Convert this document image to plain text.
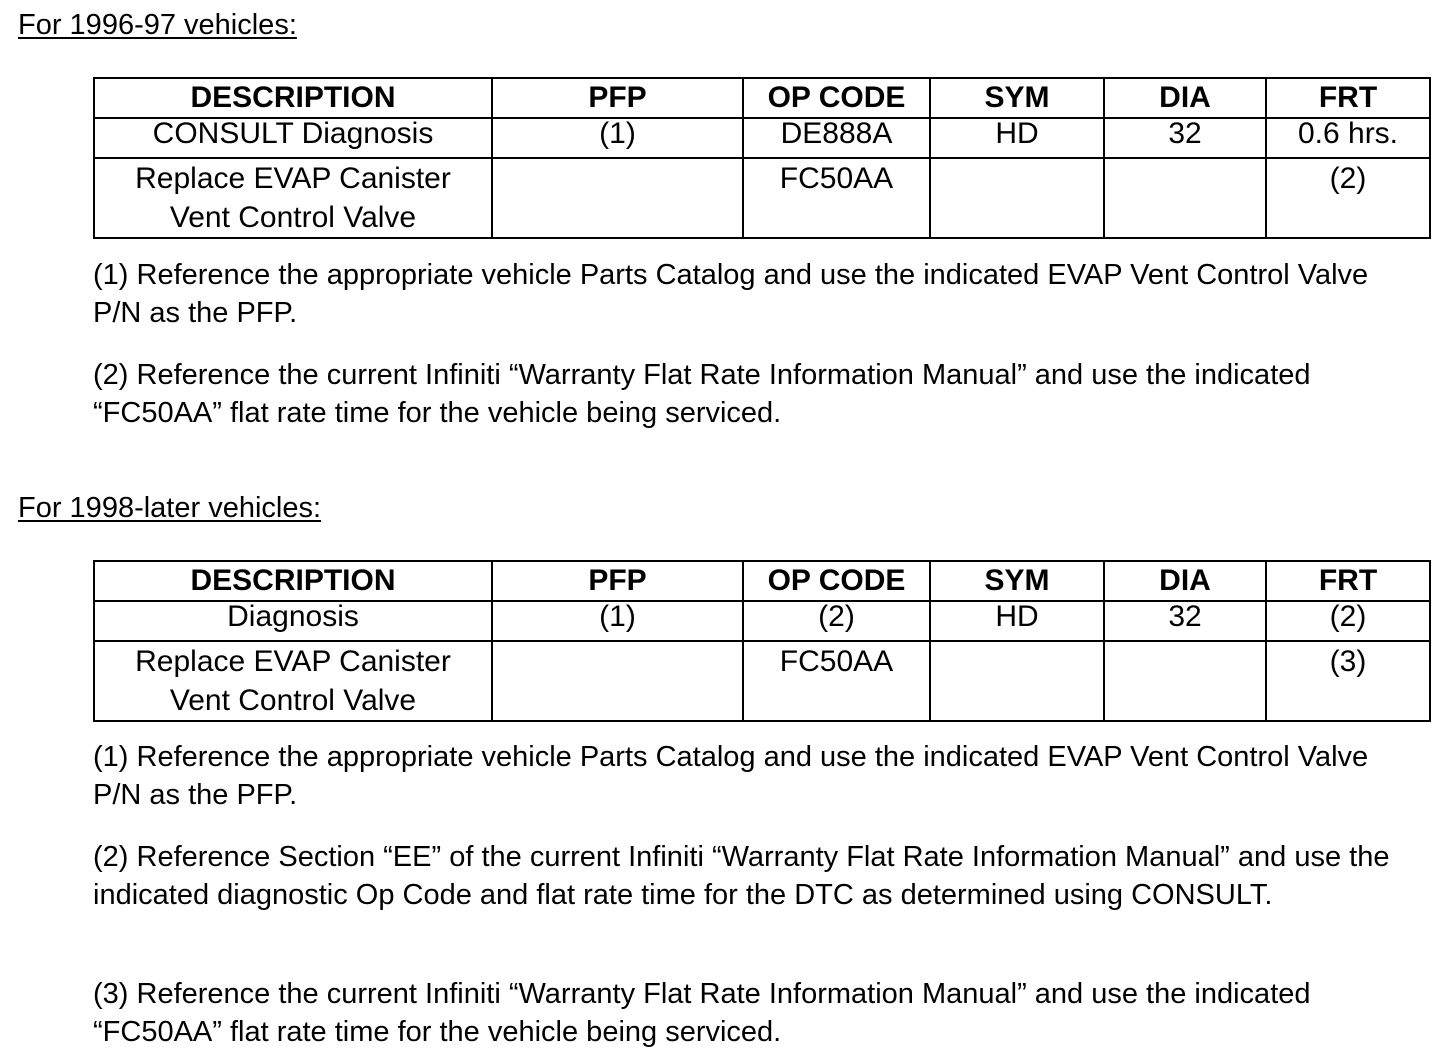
For 1996-97 vehicles:
DESCRIPTION	PFP	OP CODE	SYM	DIA	FRT
CONSULT Diagnosis	(1)	DE888A	HD	32	0.6 hrs.
Replace EVAP Canister
Vent Control Valve		FC50AA			(2)
(1) Reference the appropriate vehicle Parts Catalog and use the indicated EVAP Vent Control Valve P/N as the PFP.
(2) Reference the current Infiniti “Warranty Flat Rate Information Manual” and use the indicated “FC50AA” flat rate time for the vehicle being serviced.
For 1998-later vehicles:
DESCRIPTION	PFP	OP CODE	SYM	DIA	FRT
Diagnosis	(1)	(2)	HD	32	(2)
Replace EVAP Canister
Vent Control Valve		FC50AA			(3)
(1) Reference the appropriate vehicle Parts Catalog and use the indicated EVAP Vent Control Valve P/N as the PFP.
(2) Reference Section “EE” of the current Infiniti “Warranty Flat Rate Information Manual” and use the indicated diagnostic Op Code and flat rate time for the DTC as determined using CONSULT.
(3) Reference the current Infiniti “Warranty Flat Rate Information Manual” and use the indicated “FC50AA” flat rate time for the vehicle being serviced.
